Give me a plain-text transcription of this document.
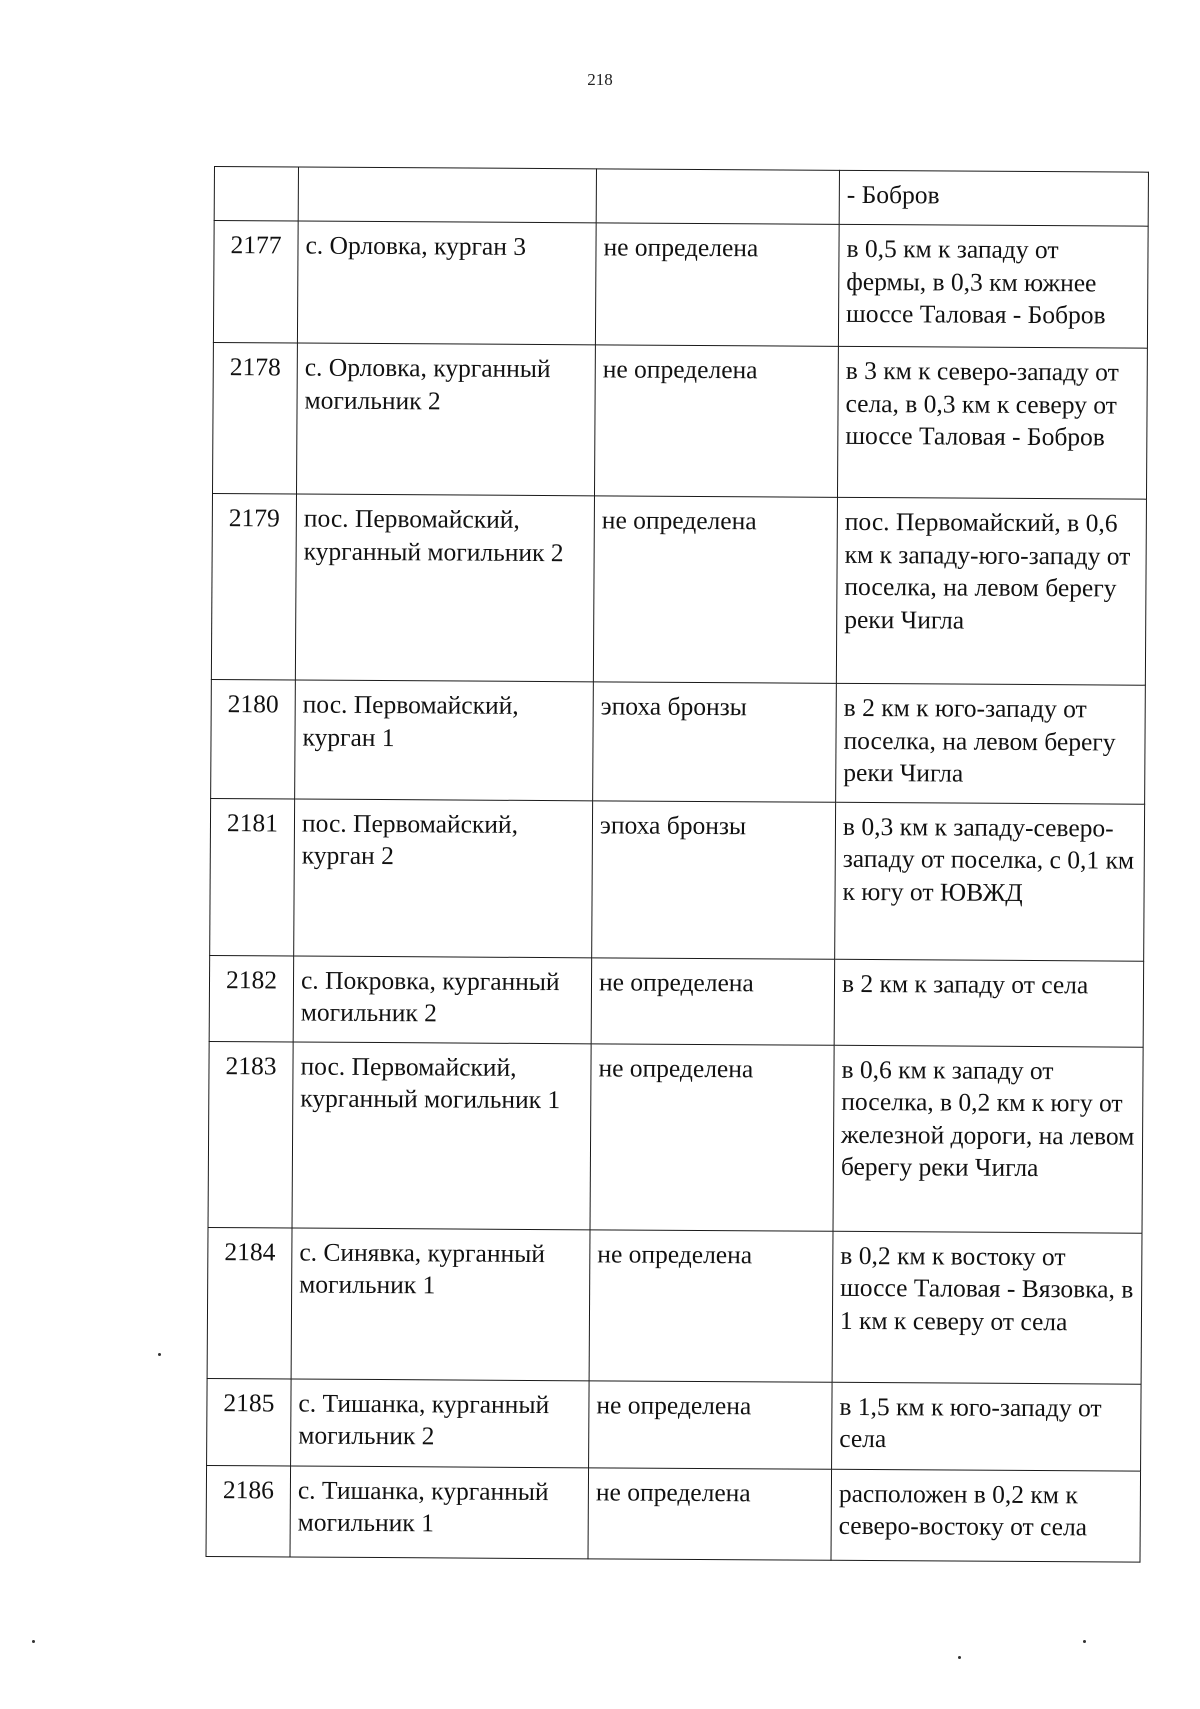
218
			- Бобров
2177	с. Орловка, курган 3	не определена	в 0,5 км к западу от фермы, в 0,3 км южнее шоссе Таловая - Бобров
2178	с. Орловка, курганный могильник 2	не определена	в 3 км к северо-западу от села, в 0,3 км к северу от шоссе Таловая - Бобров
2179	пос. Первомайский, курганный могильник 2	не определена	пос. Первомайский, в 0,6 км к западу-юго-западу от поселка, на левом берегу реки Чигла
2180	пос. Первомайский, курган 1	эпоха бронзы	в 2 км к юго-западу от поселка, на левом берегу реки Чигла
2181	пос. Первомайский, курган 2	эпоха бронзы	в 0,3 км к западу-северо-западу от поселка, с 0,1 км к югу от ЮВЖД
2182	с. Покровка, курганный могильник 2	не определена	в 2 км к западу от села
2183	пос. Первомайский, курганный могильник 1	не определена	в 0,6 км к западу от поселка, в 0,2 км к югу от железной дороги, на левом берегу реки Чигла
2184	с. Синявка, курганный могильник 1	не определена	в 0,2 км к востоку от шоссе Таловая - Вязовка, в 1 км к северу от села
2185	с. Тишанка, курганный могильник 2	не определена	в 1,5 км к юго-западу от села
2186	с. Тишанка, курганный могильник 1	не определена	расположен в 0,2 км к северо-востоку от села
